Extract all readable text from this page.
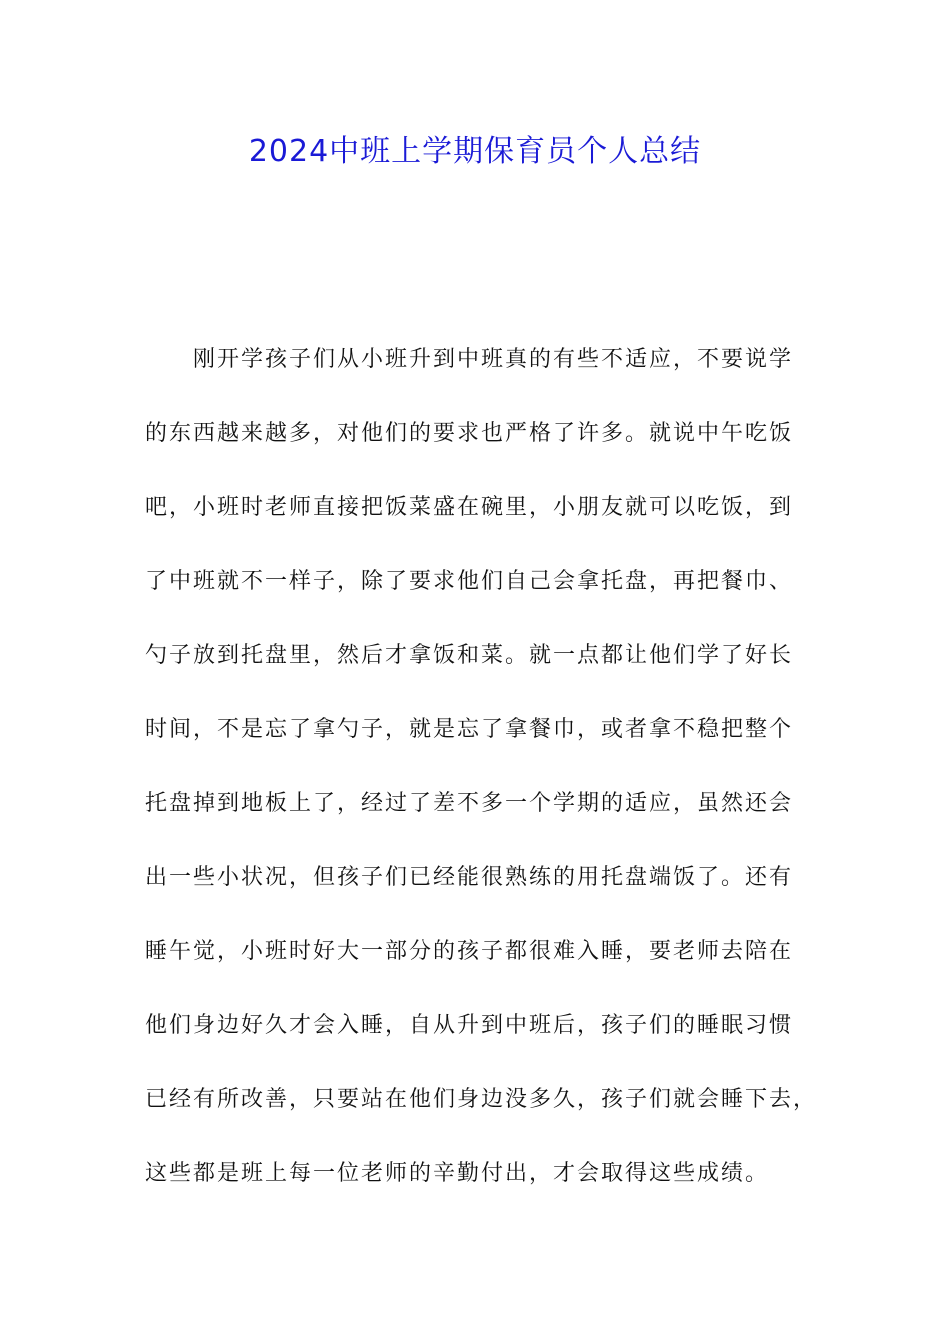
2024中班上学期保育员个人总结
刚开学孩子们从小班升到中班真的有些不适应，不要说学
的东西越来越多，对他们的要求也严格了许多。就说中午吃饭
吧，小班时老师直接把饭菜盛在碗里，小朋友就可以吃饭，到
了中班就不一样子，除了要求他们自己会拿托盘，再把餐巾、
勺子放到托盘里，然后才拿饭和菜。就一点都让他们学了好长
时间，不是忘了拿勺子，就是忘了拿餐巾，或者拿不稳把整个
托盘掉到地板上了，经过了差不多一个学期的适应，虽然还会
出一些小状况，但孩子们已经能很熟练的用托盘端饭了。还有
睡午觉，小班时好大一部分的孩子都很难入睡，要老师去陪在
他们身边好久才会入睡，自从升到中班后，孩子们的睡眠习惯
已经有所改善，只要站在他们身边没多久，孩子们就会睡下去，
这些都是班上每一位老师的辛勤付出，才会取得这些成绩。
